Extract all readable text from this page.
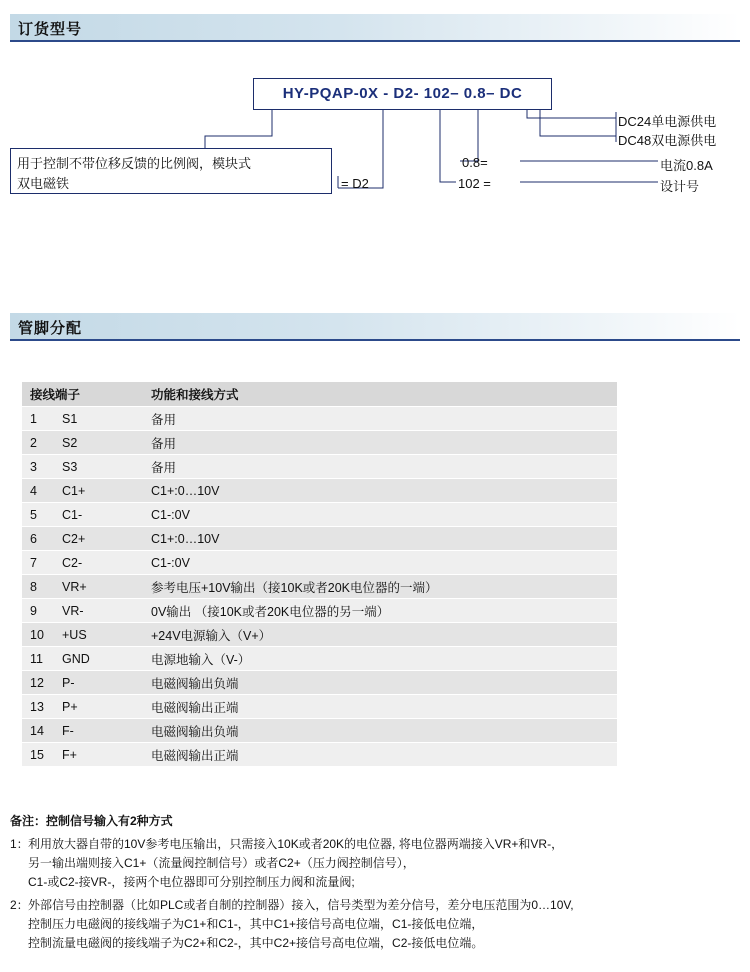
订货型号
HY-PQAP-0X - D2- 102– 0.8– DC
用于控制不带位移反馈的比例阀，模块式
双电磁铁	= D2
0.8=
102 =
DC24单电源供电
DC48双电源供电
电流0.8A
设计号
管脚分配
接线端子		功能和接线方式
1	S1	备用
2	S2	备用
3	S3	备用
4	C1+	C1+:0…10V
5	C1-	C1-:0V
6	C2+	C1+:0…10V
7	C2-	C1-:0V
8	VR+	参考电压+10V输出（接10K或者20K电位器的一端）
9	VR-	0V输出 （接10K或者20K电位器的另一端）
10	+US	+24V电源输入（V+）
11	GND	电源地输入（V-）
12	P-	电磁阀输出负端
13	P+	电磁阀输出正端
14	F-	电磁阀输出负端
15	F+	电磁阀输出正端
备注：控制信号输入有2种方式
1： 利用放大器自带的10V参考电压输出，只需接入10K或者20K的电位器, 将电位器两端接入VR+和VR-，
另一输出端则接入C1+（流量阀控制信号）或者C2+（压力阀控制信号），
C1-或C2-接VR-，接两个电位器即可分别控制压力阀和流量阀;
2： 外部信号由控制器（比如PLC或者自制的控制器）接入，信号类型为差分信号，差分电压范围为0…10V,
控制压力电磁阀的接线端子为C1+和C1-，其中C1+接信号高电位端，C1-接低电位端，
控制流量电磁阀的接线端子为C2+和C2-，其中C2+接信号高电位端，C2-接低电位端。
